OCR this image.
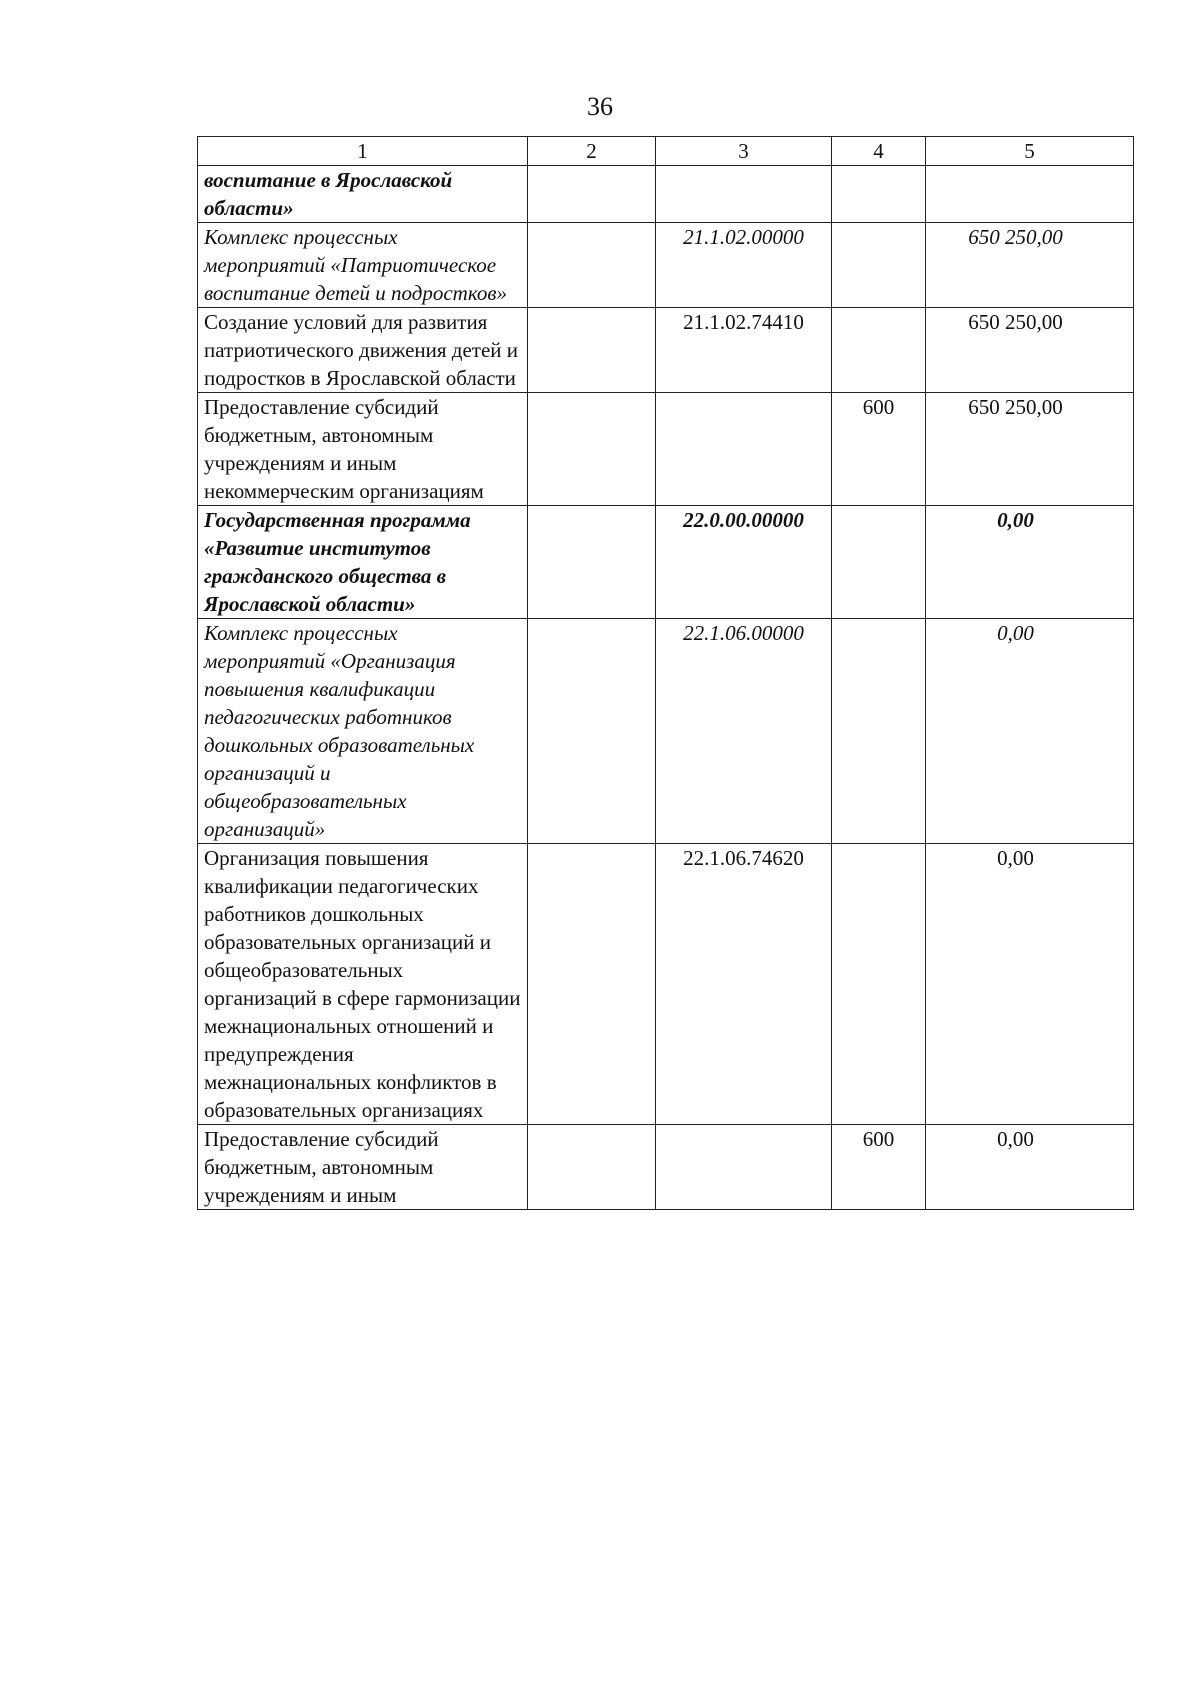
36
1	2	3	4	5
воспитание в Ярославской области»				
Комплекс процессных мероприятий «Патриотическое воспитание детей и подростков»		21.1.02.00000		650 250,00
Создание условий для развития патриотического движения детей и подростков в Ярославской области		21.1.02.74410		650 250,00
Предоставление субсидий бюджетным, автономным учреждениям и иным некоммерческим организациям			600	650 250,00
Государственная программа «Развитие институтов гражданского общества в Ярославской области»		22.0.00.00000		0,00
Комплекс процессных мероприятий «Организация повышения квалификации педагогических работников дошкольных образовательных организаций и общеобразовательных организаций»		22.1.06.00000		0,00
Организация повышения квалификации педагогических работников дошкольных образовательных организаций и общеобразовательных организаций в сфере гармонизации межнациональных отношений и предупреждения межнациональных конфликтов в образовательных организациях		22.1.06.74620		0,00
Предоставление субсидий бюджетным, автономным учреждениям и иным			600	0,00
